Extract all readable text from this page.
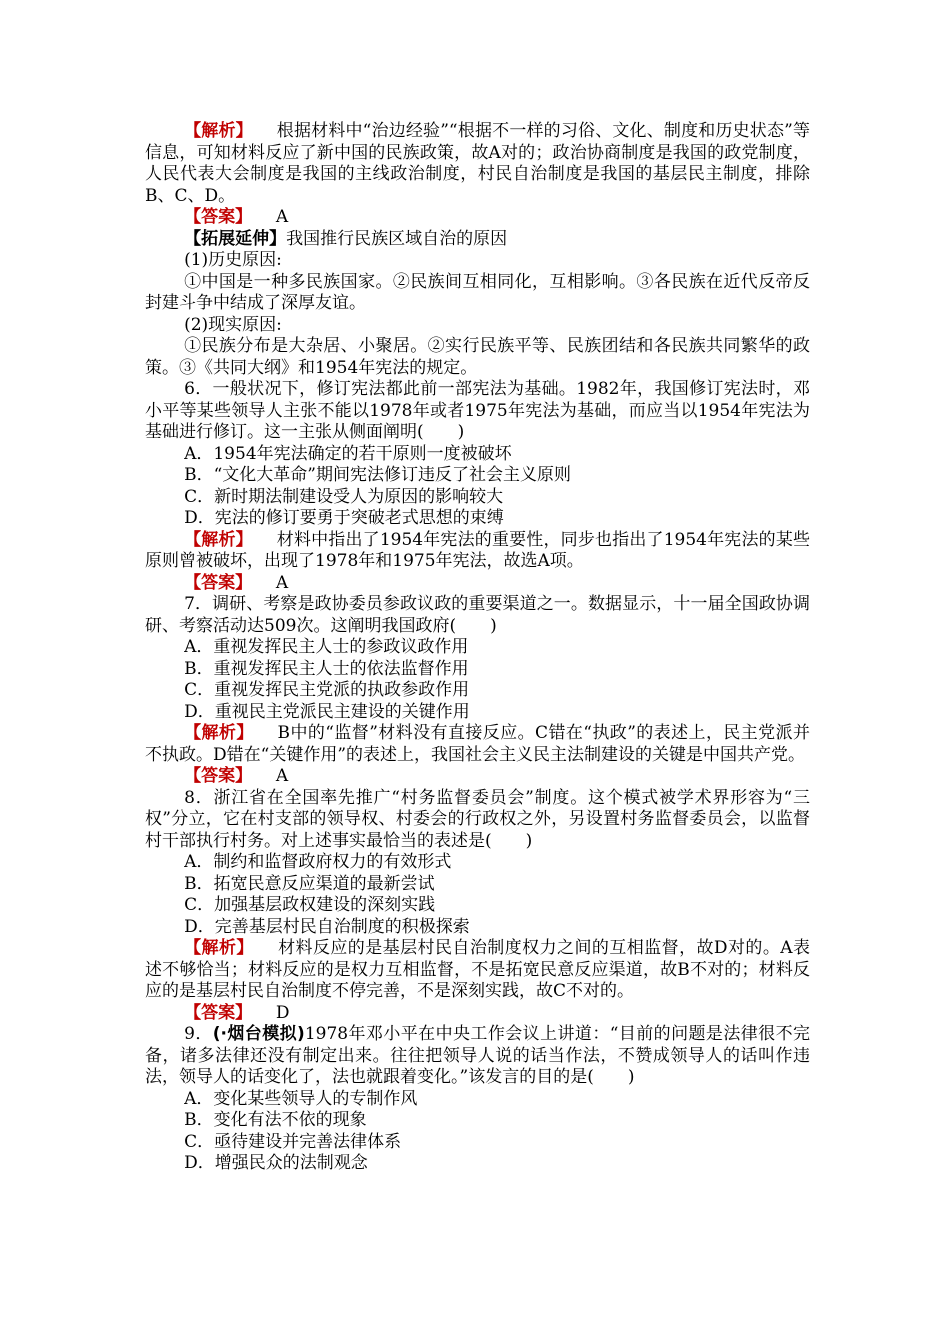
【解析】 根据材料中“治边经验”“根据不一样的习俗、文化、制度和历史状态”等信息，可知材料反应了新中国的民族政策，故A对的；政治协商制度是我国的政党制度，人民代表大会制度是我国的主线政治制度，村民自治制度是我国的基层民主制度，排除B、C、D。

【答案】 A

【拓展延伸】我国推行民族区域自治的原因

(1)历史原因:

①中国是一种多民族国家。②民族间互相同化，互相影响。③各民族在近代反帝反封建斗争中结成了深厚友谊。

(2)现实原因:

①民族分布是大杂居、小聚居。②实行民族平等、民族团结和各民族共同繁华的政策。③《共同大纲》和1954年宪法的规定。

6．一般状况下，修订宪法都此前一部宪法为基础。1982年，我国修订宪法时，邓小平等某些领导人主张不能以1978年或者1975年宪法为基础，而应当以1954年宪法为基础进行修订。这一主张从侧面阐明(　　)

A．1954年宪法确定的若干原则一度被破坏

B．“文化大革命”期间宪法修订违反了社会主义原则

C．新时期法制建设受人为原因的影响较大

D．宪法的修订要勇于突破老式思想的束缚

【解析】 材料中指出了1954年宪法的重要性，同步也指出了1954年宪法的某些原则曾被破坏，出现了1978年和1975年宪法，故选A项。

【答案】 A

7．调研、考察是政协委员参政议政的重要渠道之一。数据显示，十一届全国政协调研、考察活动达509次。这阐明我国政府(　　)

A．重视发挥民主人士的参政议政作用

B．重视发挥民主人士的依法监督作用

C．重视发挥民主党派的执政参政作用

D．重视民主党派民主建设的关键作用

【解析】 B中的“监督”材料没有直接反应。C错在“执政”的表述上，民主党派并不执政。D错在“关键作用”的表述上，我国社会主义民主法制建设的关键是中国共产党。

【答案】 A

8．浙江省在全国率先推广“村务监督委员会”制度。这个模式被学术界形容为“三权”分立，它在村支部的领导权、村委会的行政权之外，另设置村务监督委员会，以监督村干部执行村务。对上述事实最恰当的表述是(　　)

A．制约和监督政府权力的有效形式

B．拓宽民意反应渠道的最新尝试

C．加强基层政权建设的深刻实践

D．完善基层村民自治制度的积极探索

【解析】 材料反应的是基层村民自治制度权力之间的互相监督，故D对的。A表述不够恰当；材料反应的是权力互相监督，不是拓宽民意反应渠道，故B不对的；材料反应的是基层村民自治制度不停完善，不是深刻实践，故C不对的。

【答案】 D

9．(·烟台模拟)1978年邓小平在中央工作会议上讲道：“目前的问题是法律很不完备，诸多法律还没有制定出来。往往把领导人说的话当作法，不赞成领导人的话叫作违法，领导人的话变化了，法也就跟着变化。”该发言的目的是(　　)

A．变化某些领导人的专制作风

B．变化有法不依的现象

C．亟待建设并完善法律体系

D．增强民众的法制观念
